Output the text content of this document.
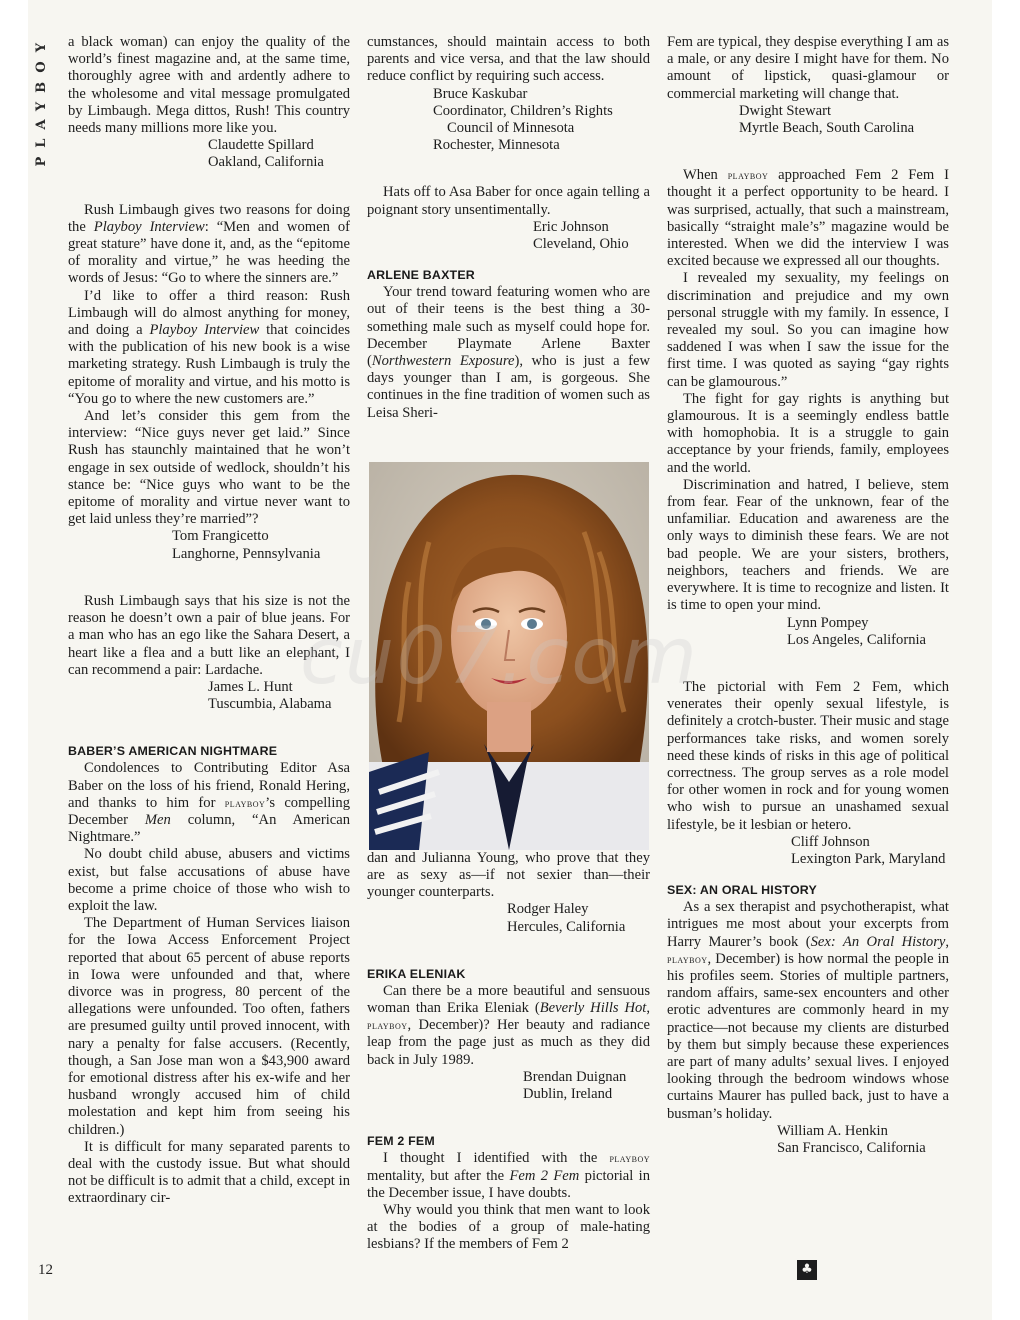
PLAYBOY a black woman) can enjoy the quality of the world’s finest magazine and, at the same time, thoroughly agree with and ardently adhere to the wholesome and vital message promulgated by Limbaugh. Mega dittos, Rush! This country needs many millions more like you.

Claudette Spillard
Oakland, California

Rush Limbaugh gives two reasons for doing the Playboy Interview: “Men and women of great stature” have done it, and, as the “epitome of morality and virtue,” he was heeding the words of Jesus: “Go to where the sinners are.”

I’d like to offer a third reason: Rush Limbaugh will do almost anything for money, and doing a Playboy Interview that coincides with the publication of his new book is a wise marketing strategy. Rush Limbaugh is truly the epitome of morality and virtue, and his motto is “You go to where the new customers are.”

And let’s consider this gem from the interview: “Nice guys never get laid.” Since Rush has staunchly maintained that he won’t engage in sex outside of wedlock, shouldn’t his stance be: “Nice guys who want to be the epitome of morality and virtue never want to get laid unless they’re married”?

Tom Frangicetto
Langhorne, Pennsylvania

Rush Limbaugh says that his size is not the reason he doesn’t own a pair of blue jeans. For a man who has an ego like the Sahara Desert, a heart like a flea and a butt like an elephant, I can recommend a pair: Lardache.

James L. Hunt
Tuscumbia, Alabama
BABER’S AMERICAN NIGHTMARE

Condolences to Contributing Editor Asa Baber on the loss of his friend, Ronald Hering, and thanks to him for playboy’s compelling December Men column, “An American Nightmare.”

No doubt child abuse, abusers and victims exist, but false accusations of abuse have become a prime choice of those who wish to exploit the law.

The Department of Human Services liaison for the Iowa Access Enforcement Project reported that about 65 percent of abuse reports in Iowa were unfounded and that, where divorce was in progress, 80 percent of the allegations were unfounded. Too often, fathers are presumed guilty until proved innocent, with nary a penalty for false accusers. (Recently, though, a San Jose man won a $43,900 award for emotional distress after his ex-wife and her husband wrongly accused him of child molestation and kept him from seeing his children.)

It is difficult for many separated parents to deal with the custody issue. But what should not be difficult is to admit that a child, except in extraordinary cir-

cumstances, should maintain access to both parents and vice versa, and that the law should reduce conflict by requiring such access.

Bruce Kaskubar
Coordinator, Children’s Rights
Council of Minnesota
Rochester, Minnesota

Hats off to Asa Baber for once again telling a poignant story unsentimentally.

Eric Johnson
Cleveland, Ohio
ARLENE BAXTER

Your trend toward featuring women who are out of their teens is the best thing a 30-something male such as myself could hope for. December Playmate Arlene Baxter (Northwestern Exposure), who is just a few days younger than I am, is gorgeous. She continues in the fine tradition of women such as Leisa Sheri-

dan and Julianna Young, who prove that they are as sexy as—if not sexier than—their younger counterparts.

Rodger Haley
Hercules, California
ERIKA ELENIAK

Can there be a more beautiful and sensuous woman than Erika Eleniak (Beverly Hills Hot, playboy, December)? Her beauty and radiance leap from the page just as much as they did back in July 1989.

Brendan Duignan
Dublin, Ireland
FEM 2 FEM

I thought I identified with the playboy mentality, but after the Fem 2 Fem pictorial in the December issue, I have doubts.

Why would you think that men want to look at the bodies of a group of male-hating lesbians? If the members of Fem 2

Fem are typical, they despise everything I am as a male, or any desire I might have for them. No amount of lipstick, quasi-glamour or commercial marketing will change that.

Dwight Stewart
Myrtle Beach, South Carolina

When playboy approached Fem 2 Fem I thought it a perfect opportunity to be heard. I was surprised, actually, that such a mainstream, basically “straight male’s” magazine would be interested. When we did the interview I was excited because we expressed all our thoughts.

I revealed my sexuality, my feelings on discrimination and prejudice and my own personal struggle with my family. In essence, I revealed my soul. So you can imagine how saddened I was when I saw the issue for the first time. I was quoted as saying “gay rights can be glamourous.”

The fight for gay rights is anything but glamourous. It is a seemingly endless battle with homophobia. It is a struggle to gain acceptance by your friends, family, employees and the world.

Discrimination and hatred, I believe, stem from fear. Fear of the unknown, fear of the unfamiliar. Education and awareness are the only ways to diminish these fears. We are not bad people. We are your sisters, brothers, neighbors, teachers and friends. We are everywhere. It is time to recognize and listen. It is time to open your mind.

Lynn Pompey
Los Angeles, California

The pictorial with Fem 2 Fem, which venerates their openly sexual lifestyle, is definitely a crotch-buster. Their music and stage performances take risks, and women sorely need these kinds of risks in this age of political correctness. The group serves as a role model for other women in rock and for young women who wish to pursue an unashamed sexual lifestyle, be it lesbian or hetero.

Cliff Johnson
Lexington Park, Maryland
SEX: AN ORAL HISTORY

As a sex therapist and psychotherapist, what intrigues me most about your excerpts from Harry Maurer’s book (Sex: An Oral History, playboy, December) is how normal the people in his profiles seem. Stories of multiple partners, random affairs, same-sex encounters and other erotic adventures are commonly heard in my practice—not because my clients are disturbed by them but simply because these experiences are part of many adults’ sexual lives. I enjoyed looking through the bedroom windows whose curtains Maurer has pulled back, just to have a busman’s holiday.

William A. Henkin
San Francisco, California
12	♣
cu07.com
